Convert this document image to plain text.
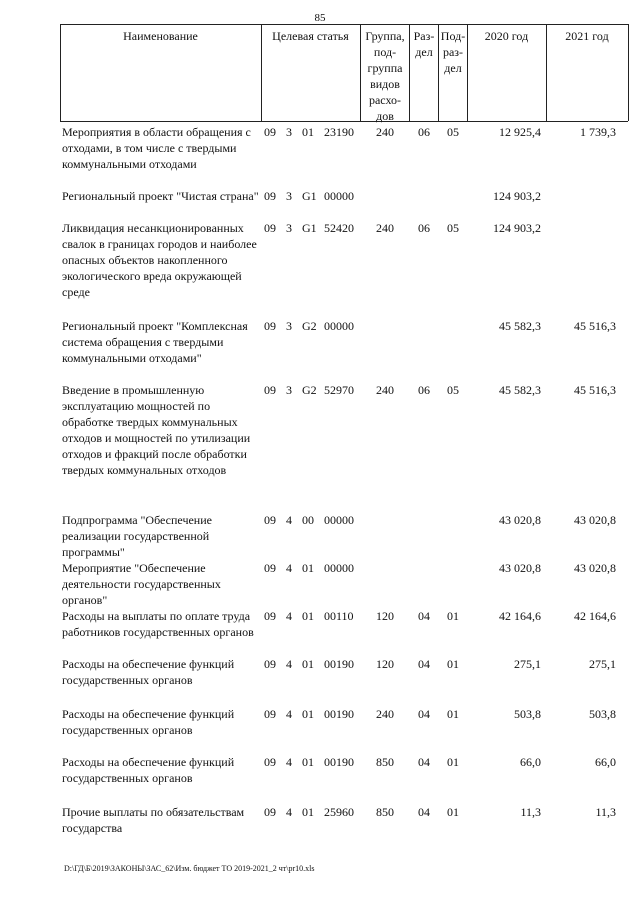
85
Наименование	Целевая статья	Группа, под- группа видов расхо- дов
Раз- дел
Под- раз- дел
2020 год	2021 год
Мероприятия в области обращения с отходами, в том числе с твердыми коммунальными отходами
09 3 01 23190	240	06	05	12 925,4	1 739,3
Региональный проект "Чистая страна" 09 3 G1 00000	124 903,2
Ликвидация несанкционированных свалок в границах городов и наиболее опасных объектов накопленного экологического вреда окружающей среде
09 3 G1 52420	240	06	05	124 903,2
Региональный проект "Комплексная система обращения с твердыми коммунальными отходами"
09 3 G2 00000	45 582,3	45 516,3
Введение в промышленную эксплуатацию мощностей по обработке твердых коммунальных отходов и мощностей по утилизации отходов и фракций после обработки твердых коммунальных отходов
09 3 G2 52970	240	06	05	45 582,3	45 516,3
Подпрограмма "Обеспечение реализации государственной программы"
09 4 00 00000	43 020,8	43 020,8
Мероприятие "Обеспечение деятельности государственных органов"
09 4 01 00000	43 020,8	43 020,8
Расходы на выплаты по оплате труда работников государственных органов
09 4 01 00110	120	04	01	42 164,6	42 164,6
Расходы на обеспечение функций государственных органов
09 4 01 00190	120	04	01	275,1	275,1
Расходы на обеспечение функций государственных органов
09 4 01 00190	240	04	01	503,8	503,8
Расходы на обеспечение функций государственных органов
09 4 01 00190	850	04	01	66,0	66,0
Прочие выплаты по обязательствам государства
09 4 01 25960	850	04	01	11,3	11,3
D:\ГД\Б\2019\ЗАКОНЫ\ЗАС_62\Изм. бюджет ТО 2019-2021_2 чт\pr10.xls
